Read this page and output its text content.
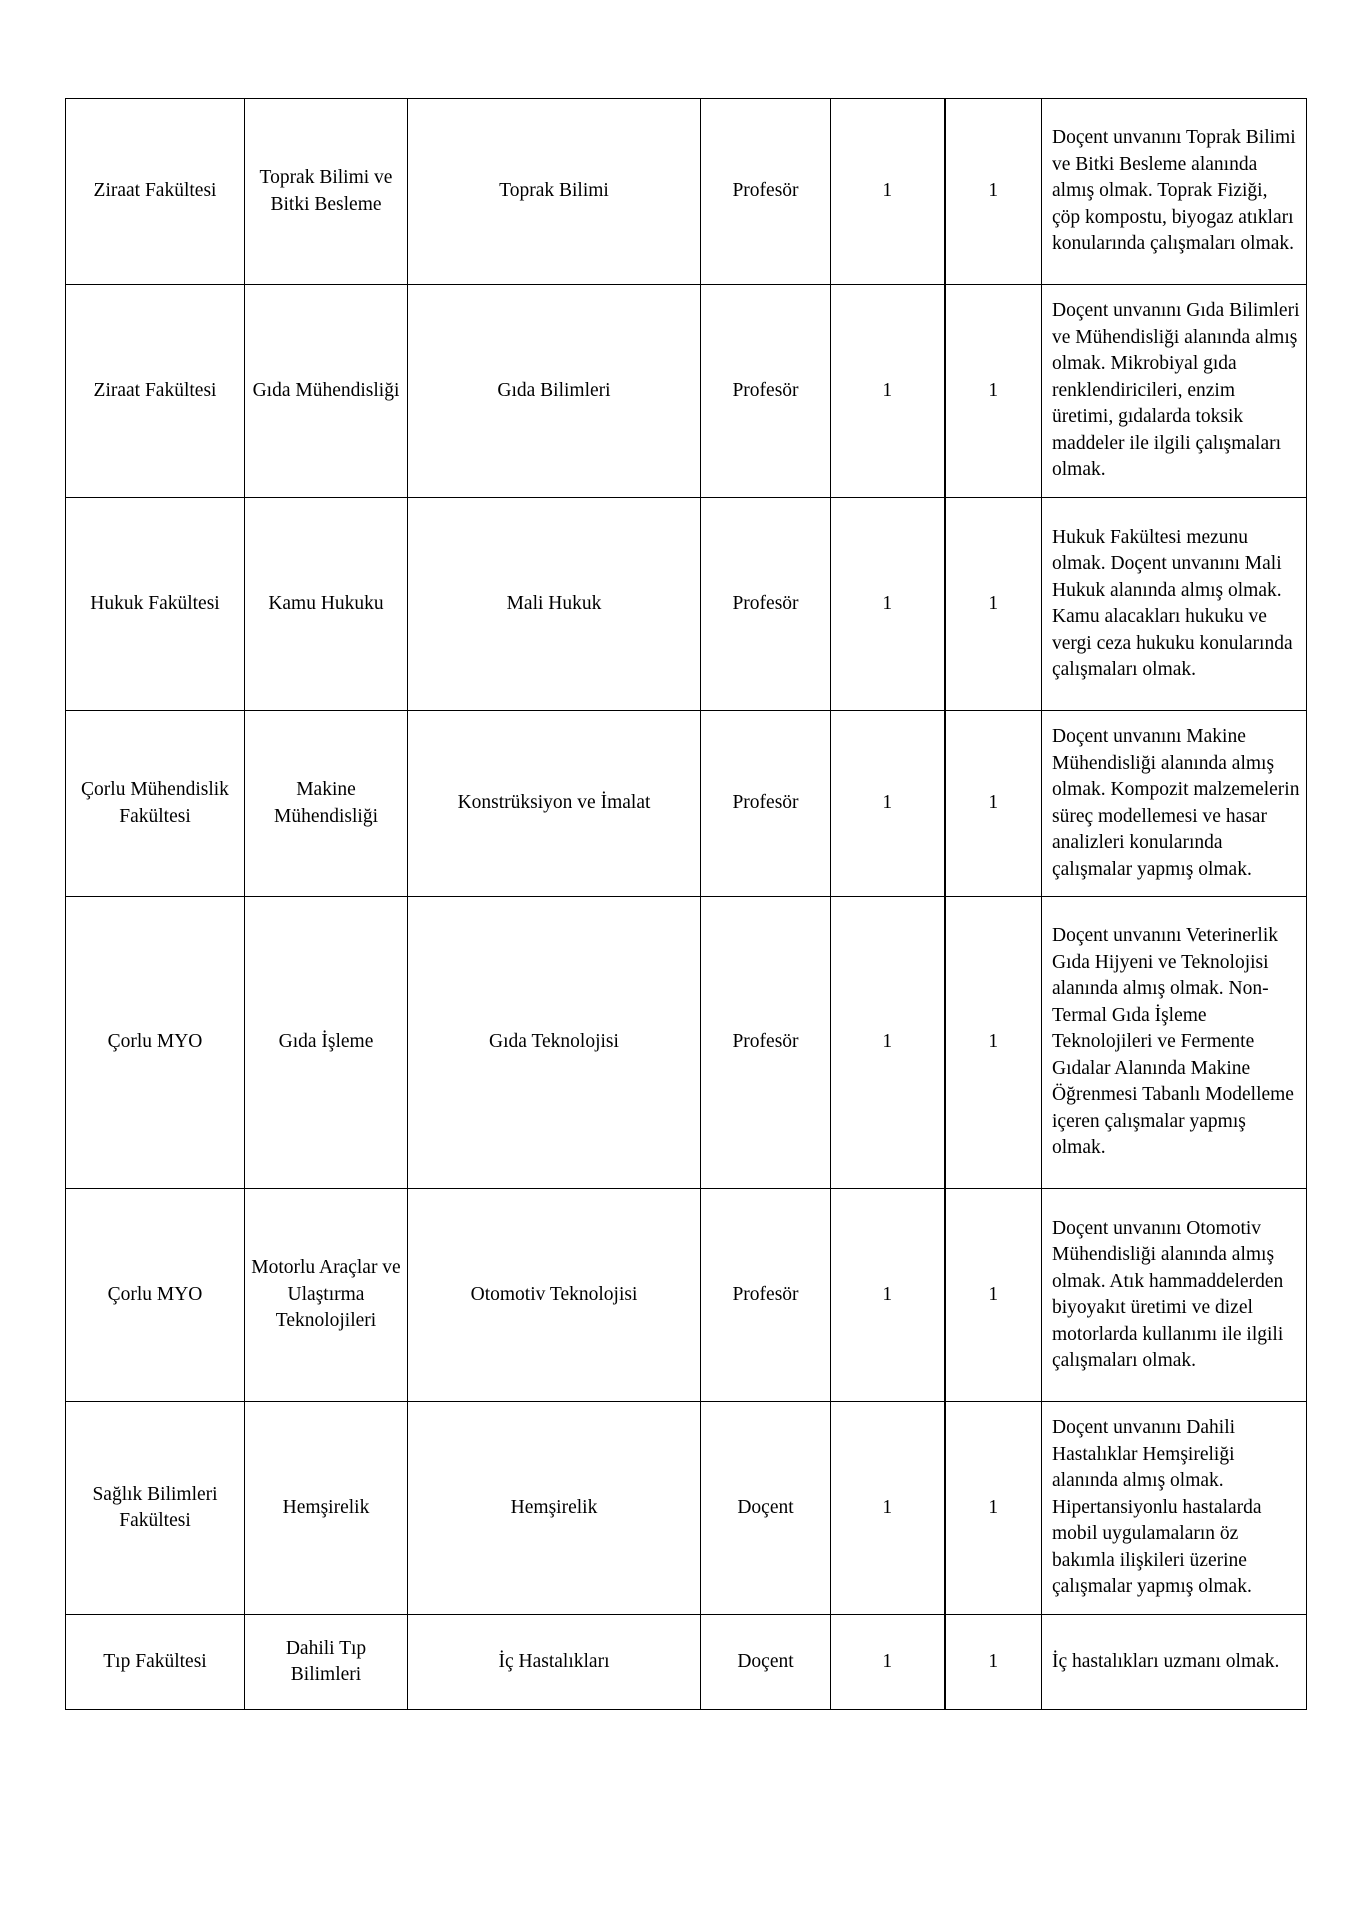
Ziraat Fakültesi	Toprak Bilimi ve Bitki Besleme	Toprak Bilimi	Profesör	1	1	Doçent unvanını Toprak Bilimi ve Bitki Besleme alanında almış olmak. Toprak Fiziği, çöp kompostu, biyogaz atıkları konularında çalışmaları olmak.

Ziraat Fakültesi	Gıda Mühendisliği	Gıda Bilimleri	Profesör	1	1	Doçent unvanını Gıda Bilimleri ve Mühendisliği alanında almış olmak. Mikrobiyal gıda renklendiricileri, enzim üretimi, gıdalarda toksik maddeler ile ilgili çalışmaları olmak.

Hukuk Fakültesi	Kamu Hukuku	Mali Hukuk	Profesör	1	1	Hukuk Fakültesi mezunu olmak. Doçent unvanını Mali Hukuk alanında almış olmak. Kamu alacakları hukuku ve vergi ceza hukuku konularında çalışmaları olmak.

Çorlu Mühendislik Fakültesi	Makine Mühendisliği	Konstrüksiyon ve İmalat	Profesör	1	1	Doçent unvanını Makine Mühendisliği alanında almış olmak. Kompozit malzemelerin süreç modellemesi ve hasar analizleri konularında çalışmalar yapmış olmak.

Çorlu MYO	Gıda İşleme	Gıda Teknolojisi	Profesör	1	1	Doçent unvanını Veterinerlik Gıda Hijyeni ve Teknolojisi alanında almış olmak. Non-Termal Gıda İşleme Teknolojileri ve Fermente Gıdalar Alanında Makine Öğrenmesi Tabanlı Modelleme içeren çalışmalar yapmış olmak.

Çorlu MYO	Motorlu Araçlar ve Ulaştırma Teknolojileri	Otomotiv Teknolojisi	Profesör	1	1	Doçent unvanını Otomotiv Mühendisliği alanında almış olmak. Atık hammaddelerden biyoyakıt üretimi ve dizel motorlarda kullanımı ile ilgili çalışmaları olmak.

Sağlık Bilimleri Fakültesi	Hemşirelik	Hemşirelik	Doçent	1	1	Doçent unvanını Dahili Hastalıklar Hemşireliği alanında almış olmak. Hipertansiyonlu hastalarda mobil uygulamaların öz bakımla ilişkileri üzerine çalışmalar yapmış olmak.

Tıp Fakültesi	Dahili Tıp Bilimleri	İç Hastalıkları	Doçent	1	1	İç hastalıkları uzmanı olmak.
